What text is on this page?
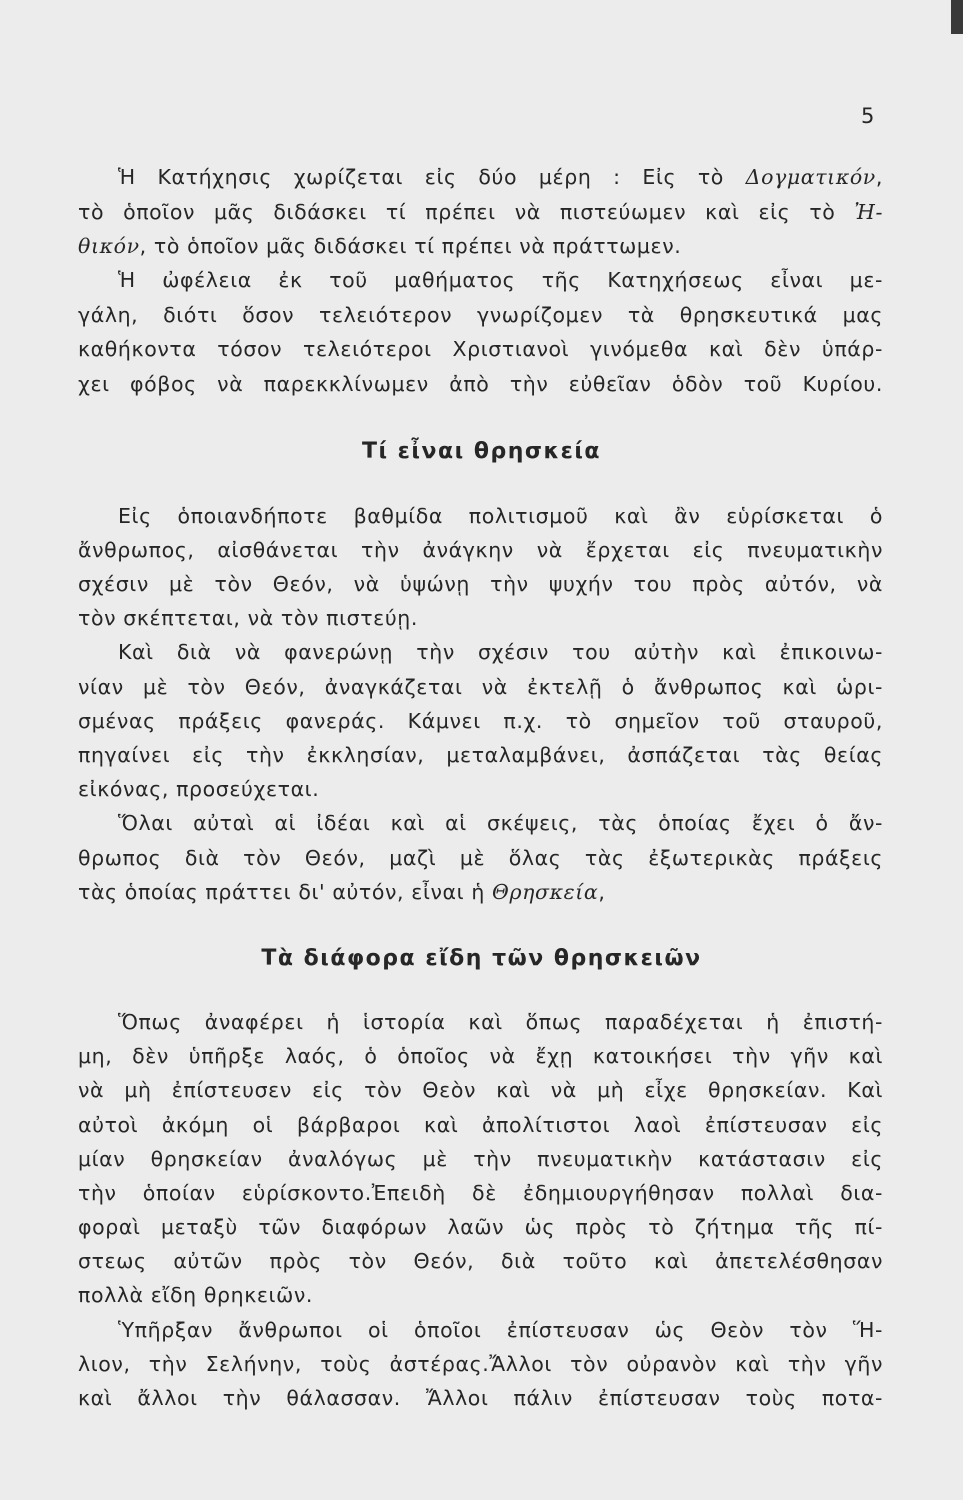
5
Ἡ Κατήχησις χωρίζεται εἰς δύο μέρη : Εἰς τὸ Δογματικόν,
τὸ ὁποῖον μᾶς διδάσκει τί πρέπει νὰ πιστεύωμεν καὶ εἰς τὸ Ἠ-
θικόν, τὸ ὁποῖον μᾶς διδάσκει τί πρέπει νὰ πράττωμεν.
Ἡ ὠφέλεια ἐκ τοῦ μαθήματος τῆς Κατηχήσεως εἶναι με-
γάλη, διότι ὅσον τελειότερον γνωρίζομεν τὰ θρησκευτικά μας
καθήκοντα τόσον τελειότεροι Χριστιανοὶ γινόμεθα καὶ δὲν ὑπάρ-
χει φόβος νὰ παρεκκλίνωμεν ἀπὸ τὴν εὐθεῖαν ὁδὸν τοῦ Κυρίου.
Τί εἶναι θρησκεία
Εἰς ὁποιανδήποτε βαθμίδα πολιτισμοῦ καὶ ἂν εὑρίσκεται ὁ
ἄνθρωπος, αἰσθάνεται τὴν ἀνάγκην νὰ ἔρχεται εἰς πνευματικὴν
σχέσιν μὲ τὸν Θεόν, νὰ ὑψώνῃ τὴν ψυχήν του πρὸς αὐτόν, νὰ
τὸν σκέπτεται, νὰ τὸν πιστεύῃ.
Καὶ διὰ νὰ φανερώνῃ τὴν σχέσιν του αὐτὴν καὶ ἐπικοινω-
νίαν μὲ τὸν Θεόν, ἀναγκάζεται νὰ ἐκτελῇ ὁ ἄνθρωπος καὶ ὡρι-
σμένας πράξεις φανεράς. Κάμνει π.χ. τὸ σημεῖον τοῦ σταυροῦ,
πηγαίνει εἰς τὴν ἐκκλησίαν, μεταλαμβάνει, ἀσπάζεται τὰς θείας
εἰκόνας, προσεύχεται.
Ὅλαι αὐταὶ αἱ ἰδέαι καὶ αἱ σκέψεις, τὰς ὁποίας ἔχει ὁ ἄν-
θρωπος διὰ τὸν Θεόν, μαζὶ μὲ ὅλας τὰς ἐξωτερικὰς πράξεις
τὰς ὁποίας πράττει δι' αὐτόν, εἶναι ἡ Θρησκεία,
Τὰ διάφορα εἴδη τῶν θρησκειῶν
Ὅπως ἀναφέρει ἡ ἱστορία καὶ ὅπως παραδέχεται ἡ ἐπιστή-
μη, δὲν ὑπῆρξε λαός, ὁ ὁποῖος νὰ ἔχῃ κατοικήσει τὴν γῆν καὶ
νὰ μὴ ἐπίστευσεν εἰς τὸν Θεὸν καὶ νὰ μὴ εἶχε θρησκείαν. Καὶ
αὐτοὶ ἀκόμη οἱ βάρβαροι καὶ ἀπολίτιστοι λαοὶ ἐπίστευσαν εἰς
μίαν θρησκείαν ἀναλόγως μὲ τὴν πνευματικὴν κατάστασιν εἰς
τὴν ὁποίαν εὑρίσκοντο.Ἐπειδὴ δὲ ἐδημιουργήθησαν πολλαὶ δια-
φοραὶ μεταξὺ τῶν διαφόρων λαῶν ὡς πρὸς τὸ ζήτημα τῆς πί-
στεως αὐτῶν πρὸς τὸν Θεόν, διὰ τοῦτο καὶ ἀπετελέσθησαν
πολλὰ εἴδη θρηκειῶν.
Ὑπῆρξαν ἄνθρωποι οἱ ὁποῖοι ἐπίστευσαν ὡς Θεὸν τὸν Ἥ-
λιον, τὴν Σελήνην, τοὺς ἀστέρας.Ἄλλοι τὸν οὐρανὸν καὶ τὴν γῆν
καὶ ἄλλοι τὴν θάλασσαν. Ἄλλοι πάλιν ἐπίστευσαν τοὺς ποτα-
